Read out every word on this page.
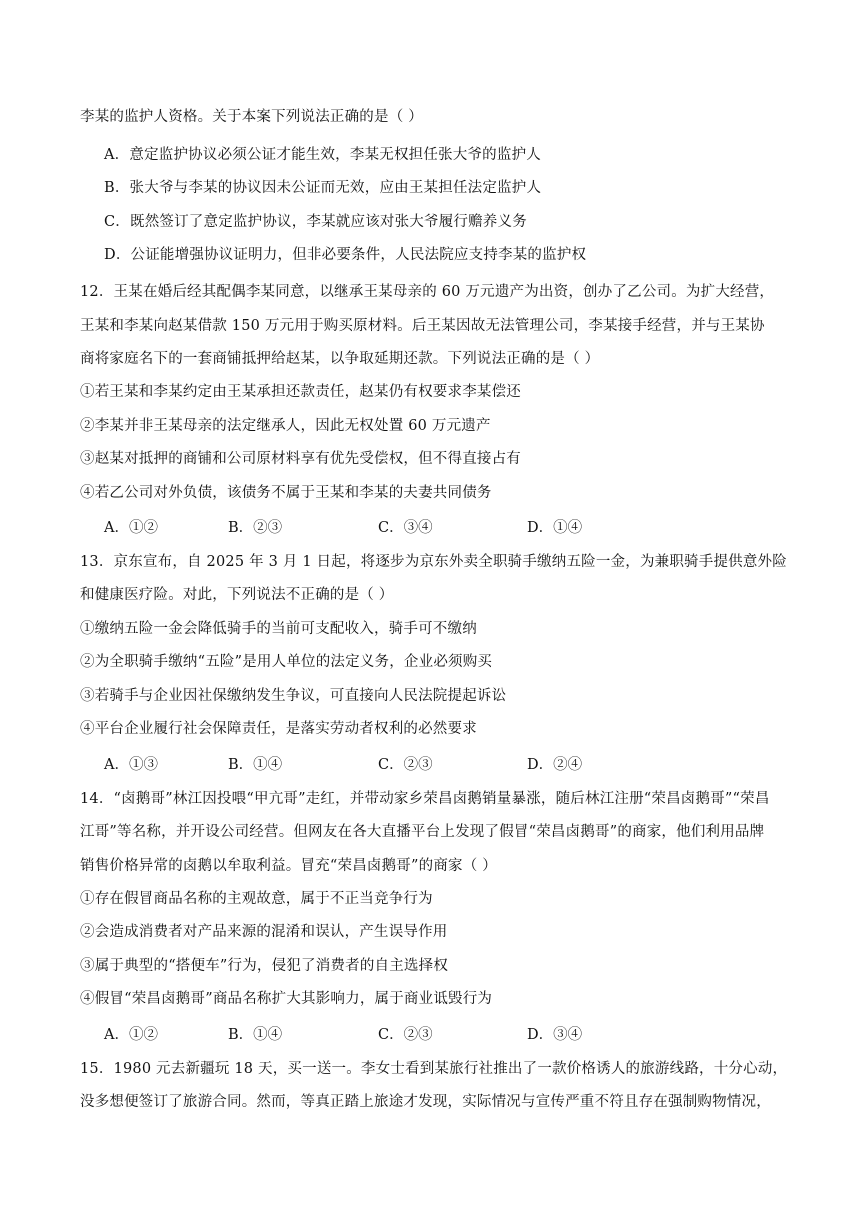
李某的监护人资格。关于本案下列说法正确的是（ ）
A．意定监护协议必须公证才能生效，李某无权担任张大爷的监护人
B．张大爷与李某的协议因未公证而无效，应由王某担任法定监护人
C．既然签订了意定监护协议，李某就应该对张大爷履行赡养义务
D．公证能增强协议证明力，但非必要条件，人民法院应支持李某的监护权
12．王某在婚后经其配偶李某同意，以继承王某母亲的 60 万元遗产为出资，创办了乙公司。为扩大经营，
王某和李某向赵某借款 150 万元用于购买原材料。后王某因故无法管理公司，李某接手经营，并与王某协
商将家庭名下的一套商铺抵押给赵某，以争取延期还款。下列说法正确的是（ ）
①若王某和李某约定由王某承担还款责任，赵某仍有权要求李某偿还
②李某并非王某母亲的法定继承人，因此无权处置 60 万元遗产
③赵某对抵押的商铺和公司原材料享有优先受偿权，但不得直接占有
④若乙公司对外负债，该债务不属于王某和李某的夫妻共同债务
A．①②	B．②③	C．③④	D．①④
13．京东宣布，自 2025 年 3 月 1 日起，将逐步为京东外卖全职骑手缴纳五险一金，为兼职骑手提供意外险
和健康医疗险。对此，下列说法不正确的是（ ）
①缴纳五险一金会降低骑手的当前可支配收入，骑手可不缴纳
②为全职骑手缴纳“五险”是用人单位的法定义务，企业必须购买
③若骑手与企业因社保缴纳发生争议，可直接向人民法院提起诉讼
④平台企业履行社会保障责任，是落实劳动者权利的必然要求
A．①③	B．①④	C．②③	D．②④
14．“卤鹅哥”林江因投喂“甲亢哥”走红，并带动家乡荣昌卤鹅销量暴涨，随后林江注册“荣昌卤鹅哥”“荣昌
江哥”等名称，并开设公司经营。但网友在各大直播平台上发现了假冒“荣昌卤鹅哥”的商家，他们利用品牌
销售价格异常的卤鹅以牟取利益。冒充“荣昌卤鹅哥”的商家（ ）
①存在假冒商品名称的主观故意，属于不正当竞争行为
②会造成消费者对产品来源的混淆和误认，产生误导作用
③属于典型的“搭便车”行为，侵犯了消费者的自主选择权
④假冒“荣昌卤鹅哥”商品名称扩大其影响力，属于商业诋毁行为
A．①②	B．①④	C．②③	D．③④
15．1980 元去新疆玩 18 天，买一送一。李女士看到某旅行社推出了一款价格诱人的旅游线路，十分心动，
没多想便签订了旅游合同。然而，等真正踏上旅途才发现，实际情况与宣传严重不符且存在强制购物情况，
